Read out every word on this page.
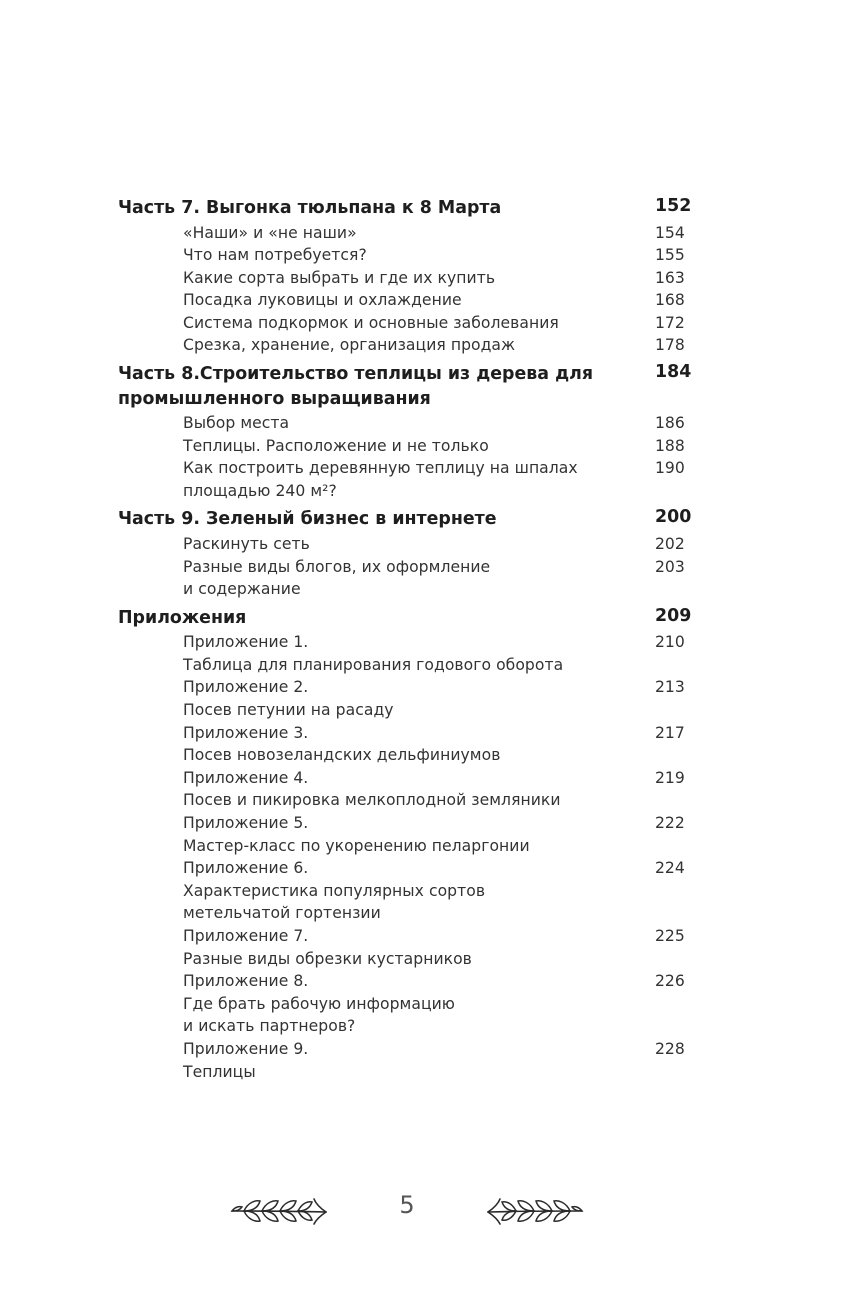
Часть 7. Выгонка тюльпана к 8 Марта	152
«Наши» и «не наши»	154
Что нам потребуется?	155
Какие сорта выбрать и где их купить	163
Посадка луковицы и охлаждение	168
Система подкормок и основные заболевания	172
Срезка, хранение, организация продаж	178
Часть 8.Строительство теплицы из дерева для	184
промышленного выращивания
Выбор места	186
Теплицы. Расположение и не только	188
Как построить деревянную теплицу на шпалах	190
площадью 240 м²?
Часть 9. Зеленый бизнес в интернете	200
Раскинуть сеть	202
Разные виды блогов, их оформление	203
и содержание
Приложения	209
Приложение 1.	210
Таблица для планирования годового оборота
Приложение 2.	213
Посев петунии на расаду
Приложение 3.	217
Посев новозеландских дельфиниумов
Приложение 4.	219
Посев и пикировка мелкоплодной земляники
Приложение 5.	222
Мастер-класс по укоренению пеларгонии
Приложение 6.	224
Характеристика популярных сортов
метельчатой гортензии
Приложение 7.	225
Разные виды обрезки кустарников
Приложение 8.	226
Где брать рабочую информацию
и искать партнеров?
Приложение 9.	228
Теплицы
5
